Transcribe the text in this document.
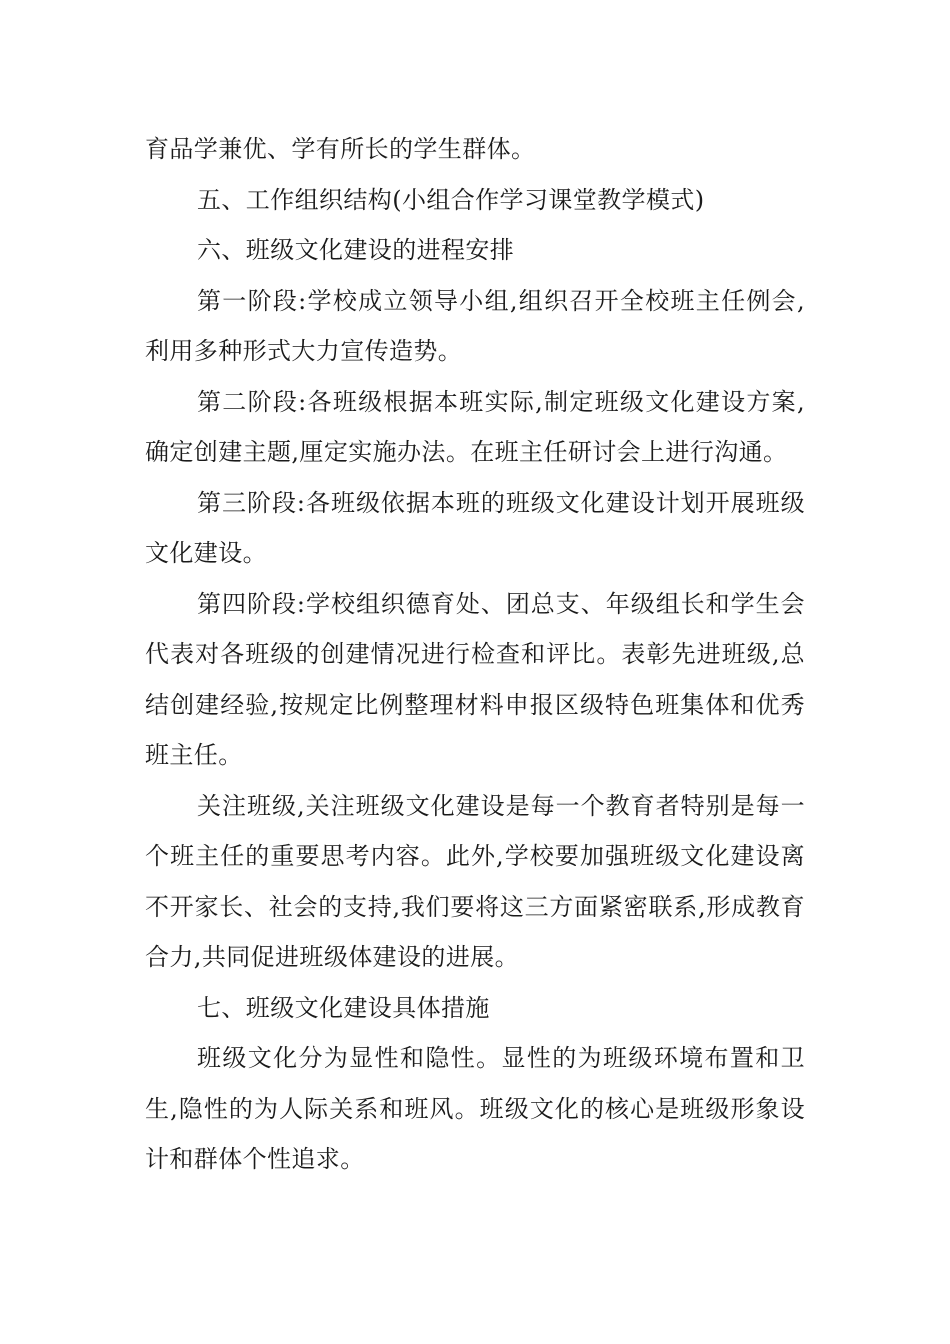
育品学兼优、学有所长的学生群体。

五、工作组织结构(小组合作学习课堂教学模式)

六、班级文化建设的进程安排

第一阶段:学校成立领导小组,组织召开全校班主任例会,利用多种形式大力宣传造势。

第二阶段:各班级根据本班实际,制定班级文化建设方案,确定创建主题,厘定实施办法。在班主任研讨会上进行沟通。

第三阶段:各班级依据本班的班级文化建设计划开展班级文化建设。

第四阶段:学校组织德育处、团总支、年级组长和学生会代表对各班级的创建情况进行检查和评比。表彰先进班级,总结创建经验,按规定比例整理材料申报区级特色班集体和优秀班主任。

关注班级,关注班级文化建设是每一个教育者特别是每一个班主任的重要思考内容。此外,学校要加强班级文化建设离不开家长、社会的支持,我们要将这三方面紧密联系,形成教育合力,共同促进班级体建设的进展。

七、班级文化建设具体措施

班级文化分为显性和隐性。显性的为班级环境布置和卫生,隐性的为人际关系和班风。班级文化的核心是班级形象设计和群体个性追求。
